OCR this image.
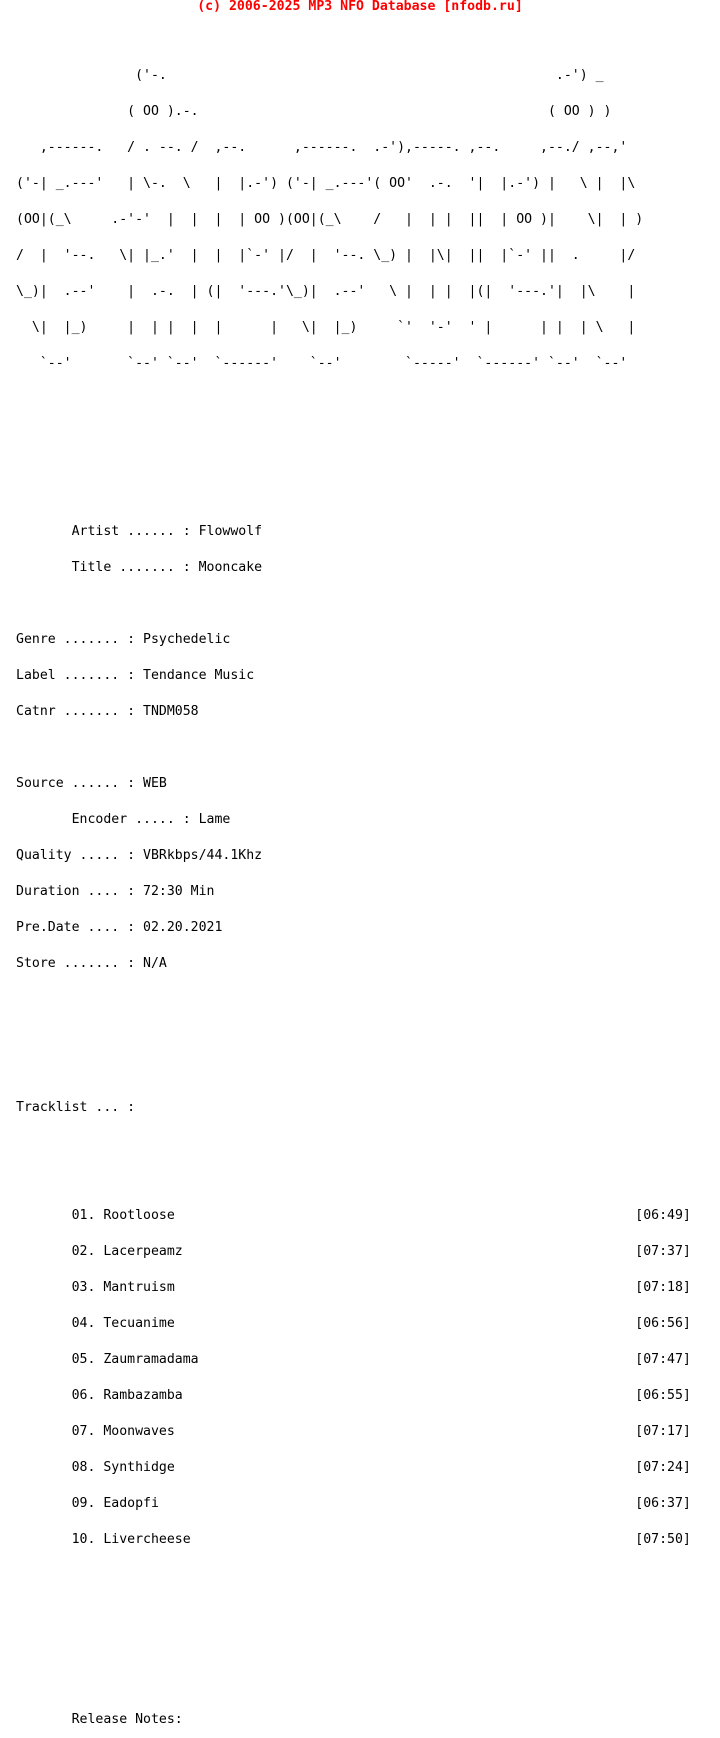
(c) 2006-2025 MP3 NFO Database [nfodb.ru]

('-.                                                 .-') _

( OO ).-.                                            ( OO ) )

,------.   / . --. /  ,--.      ,------.  .-'),-----. ,--.     ,--./ ,--,'

('-| _.---'   | \-.  \   |  |.-') ('-| _.---'( OO'  .-.  '|  |.-') |   \ |  |\

(OO|(_\     .-'-'  |  |  |  | OO )(OO|(_\    /   |  | |  ||  | OO )|    \|  | )

/  |  '--.   \| |_.'  |  |  |`-' |/  |  '--. \_) |  |\|  ||  |`-' ||  .     |/

\_)|  .--'    |  .-.  | (|  '---.'\_)|  .--'   \ |  | |  |(|  '---.'|  |\    |

\|  |_)     |  | |  |  |      |   \|  |_)     `'  '-'  ' |      | |  | \   |

`--'       `--' `--'  `------'    `--'        `-----'  `------' `--'  `--'

Artist ...... : Flowwolf

Title ....... : Mooncake

Genre ....... : Psychedelic

Label ....... : Tendance Music

Catnr ....... : TNDM058

Source ...... : WEB

Encoder ..... : Lame

Quality ..... : VBRkbps/44.1Khz

Duration .... : 72:30 Min

Pre.Date .... : 02.20.2021

Store ....... : N/A

Tracklist ... :

01. Rootloose                                                          [06:49]

02. Lacerpeamz                                                         [07:37]

03. Mantruism                                                          [07:18]

04. Tecuanime                                                          [06:56]

05. Zaumramadama                                                       [07:47]

06. Rambazamba                                                         [06:55]

07. Moonwaves                                                          [07:17]

08. Synthidge                                                          [07:24]

09. Eadopfi                                                            [06:37]

10. Livercheese                                                        [07:50]

Release Notes:
